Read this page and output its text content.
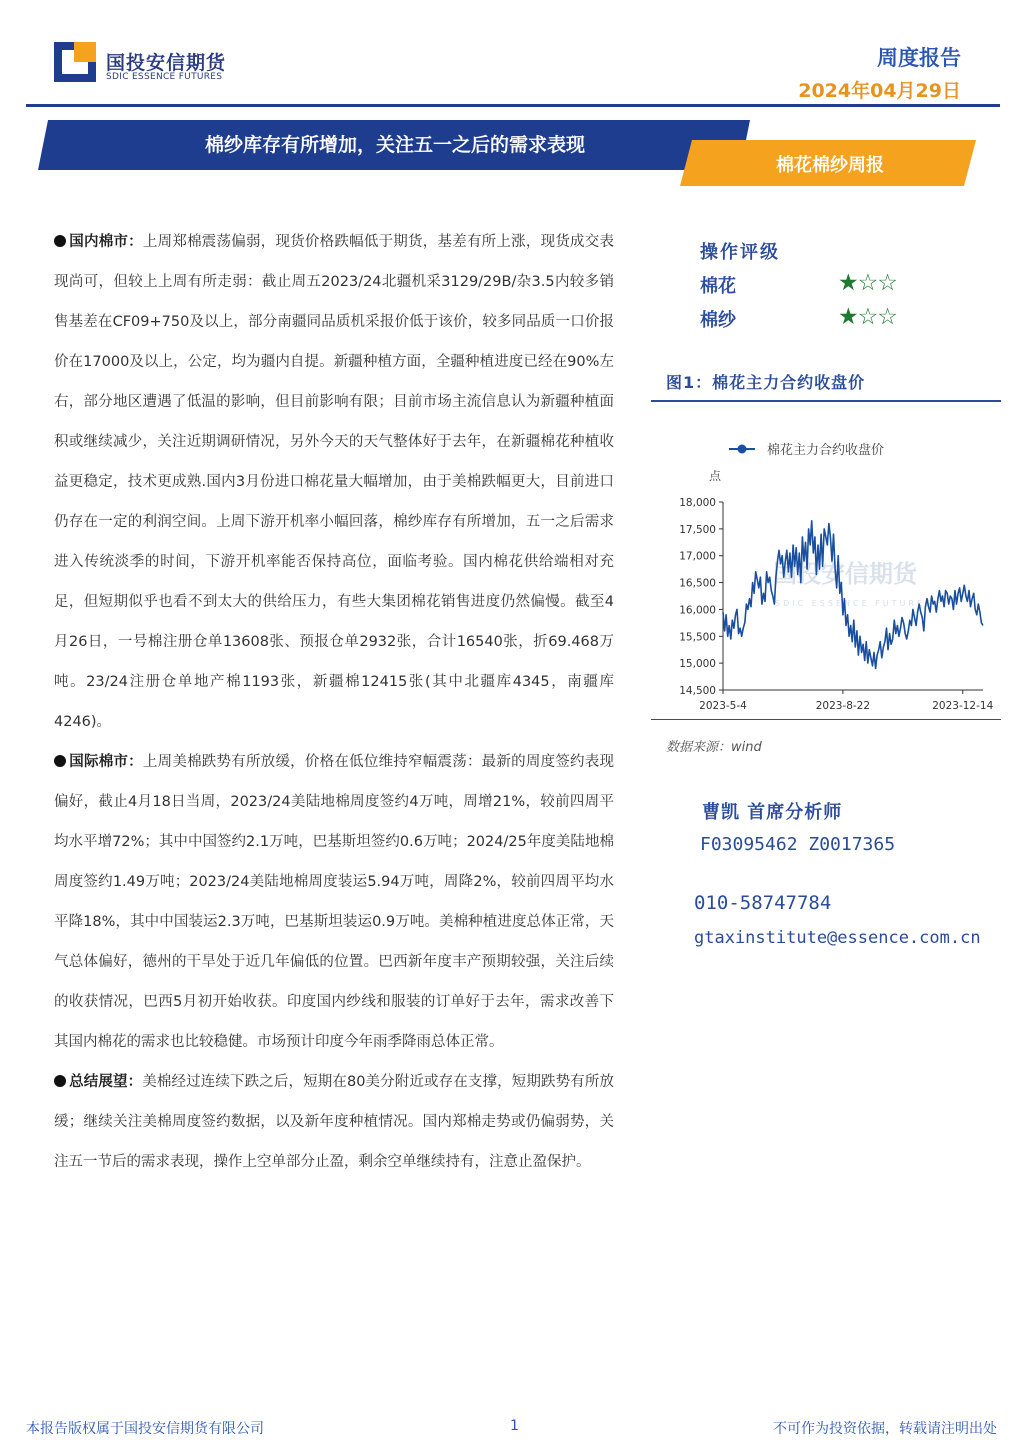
国投安信期货
SDIC ESSENCE FUTURES
周度报告
2024年04月29日
棉纱库存有所增加，关注五一之后的需求表现
棉花棉纱周报

国内棉市：上周郑棉震荡偏弱，现货价格跌幅低于期货，基差有所上涨，现货成交表现尚可，但较上上周有所走弱：截止周五2023/24北疆机采3129/29B/杂3.5内较多销售基差在CF09+750及以上，部分南疆同品质机采报价低于该价，较多同品质一口价报价在17000及以上，公定，均为疆内自提。新疆种植方面，全疆种植进度已经在90%左右，部分地区遭遇了低温的影响，但目前影响有限；目前市场主流信息认为新疆种植面积或继续减少，关注近期调研情况，另外今天的天气整体好于去年，在新疆棉花种植收益更稳定，技术更成熟.国内3月份进口棉花量大幅增加，由于美棉跌幅更大，目前进口仍存在一定的利润空间。上周下游开机率小幅回落，棉纱库存有所增加，五一之后需求进入传统淡季的时间，下游开机率能否保持高位，面临考验。国内棉花供给端相对充足，但短期似乎也看不到太大的供给压力，有些大集团棉花销售进度仍然偏慢。截至4月26日，一号棉注册仓单13608张、预报仓单2932张，合计16540张，折69.468万吨。23/24注册仓单地产棉1193张，新疆棉12415张(其中北疆库4345，南疆库4246)。

国际棉市：上周美棉跌势有所放缓，价格在低位维持窄幅震荡：最新的周度签约表现偏好，截止4月18日当周，2023/24美陆地棉周度签约4万吨，周增21%，较前四周平均水平增72%；其中中国签约2.1万吨，巴基斯坦签约0.6万吨；2024/25年度美陆地棉周度签约1.49万吨；2023/24美陆地棉周度装运5.94万吨，周降2%，较前四周平均水平降18%，其中中国装运2.3万吨，巴基斯坦装运0.9万吨。美棉种植进度总体正常，天气总体偏好，德州的干旱处于近几年偏低的位置。巴西新年度丰产预期较强，关注后续的收获情况，巴西5月初开始收获。印度国内纱线和服装的订单好于去年，需求改善下其国内棉花的需求也比较稳健。市场预计印度今年雨季降雨总体正常。

总结展望：美棉经过连续下跌之后，短期在80美分附近或存在支撑，短期跌势有所放缓；继续关注美棉周度签约数据，以及新年度种植情况。国内郑棉走势或仍偏弱势，关注五一节后的需求表现，操作上空单部分止盈，剩余空单继续持有，注意止盈保护。

操作评级
棉花	★☆☆
棉纱	★☆☆
图1：棉花主力合约收盘价
棉花主力合约收盘价
点
国投安信期货
SDIC ESSENCE FUTURES
18,000
17,500
17,000
16,500
16,000
15,500
15,000
14,500
2023-5-4	2023-8-22	2023-12-14
数据来源：wind
曹凯 首席分析师
F03095462 Z0017365
010-58747784
gtaxinstitute@essence.com.cn
本报告版权属于国投安信期货有限公司	1	不可作为投资依据，转载请注明出处
